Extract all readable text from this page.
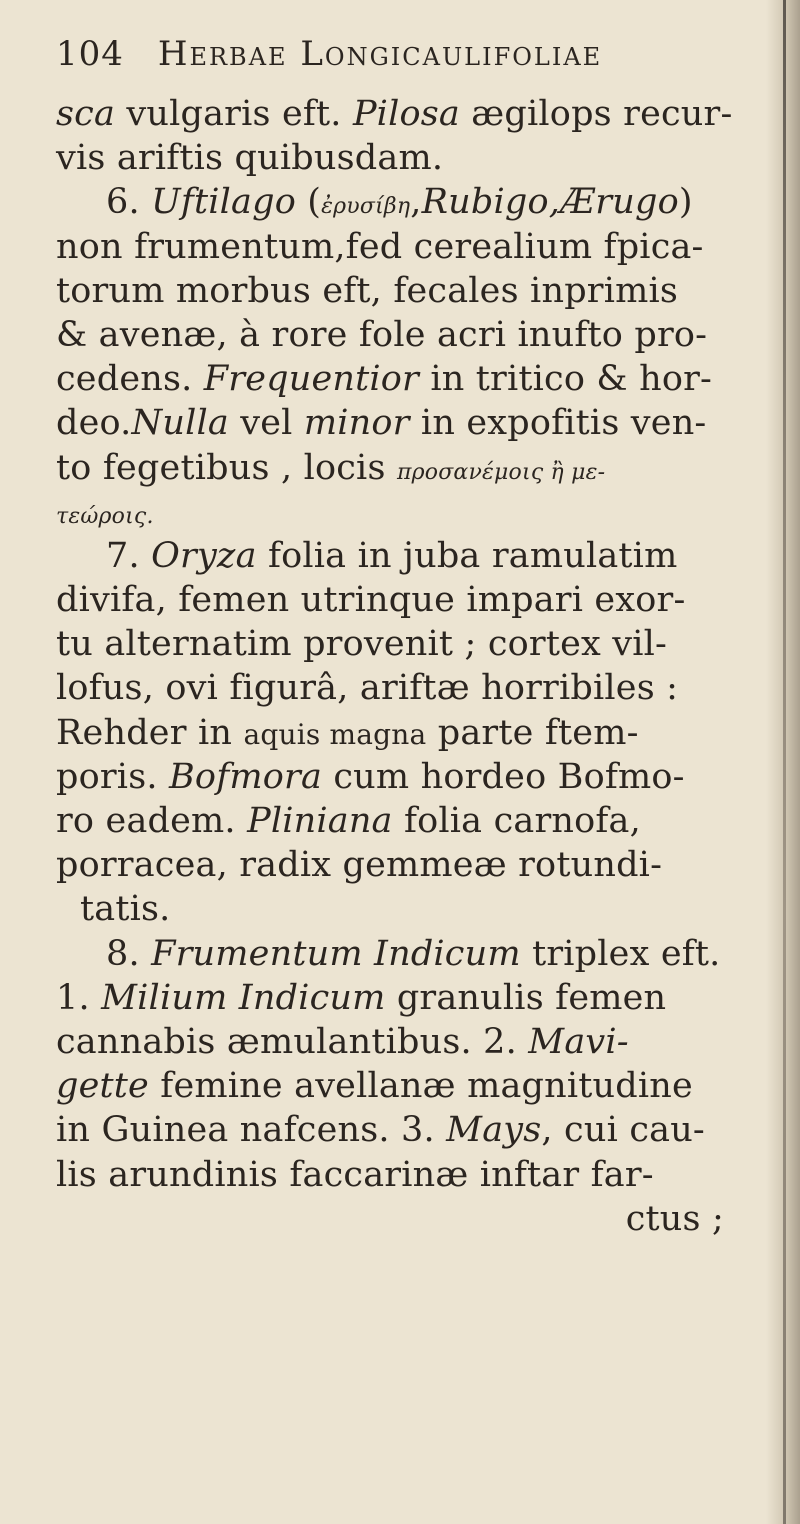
104 Herbae Longicaulifoliae
sca vulgaris eft. Pilosa ægilops recur-
vis ariftis quibusdam.
6. Uftilago (ἐρυσίβη,Rubigo,Ærugo)
non frumentum,fed cerealium fpica-
torum morbus eft, fecales inprimis
& avenæ, à rore fole acri inufto pro-
cedens. Frequentior in tritico & hor-
deo.Nulla vel minor in expofitis ven-
to fegetibus , locis προσανέμοις ἢ με-
τεώροις.
7. Oryza folia in juba ramulatim
divifa, femen utrinque impari exor-
tu alternatim provenit ; cortex vil-
lofus, ovi figurâ, ariftæ horribiles :
Rehder in aquis magna parte ftem-
poris. Bofmora cum hordeo Bofmo-
ro eadem. Pliniana folia carnofa,
porracea, radix gemmeæ rotundi-
tatis.
8. Frumentum Indicum triplex eft.
1. Milium Indicum granulis femen
cannabis æmulantibus. 2. Mavi-
gette femine avellanæ magnitudine
in Guinea nafcens. 3. Mays, cui cau-
lis arundinis faccarinæ inftar far-
ctus ;
